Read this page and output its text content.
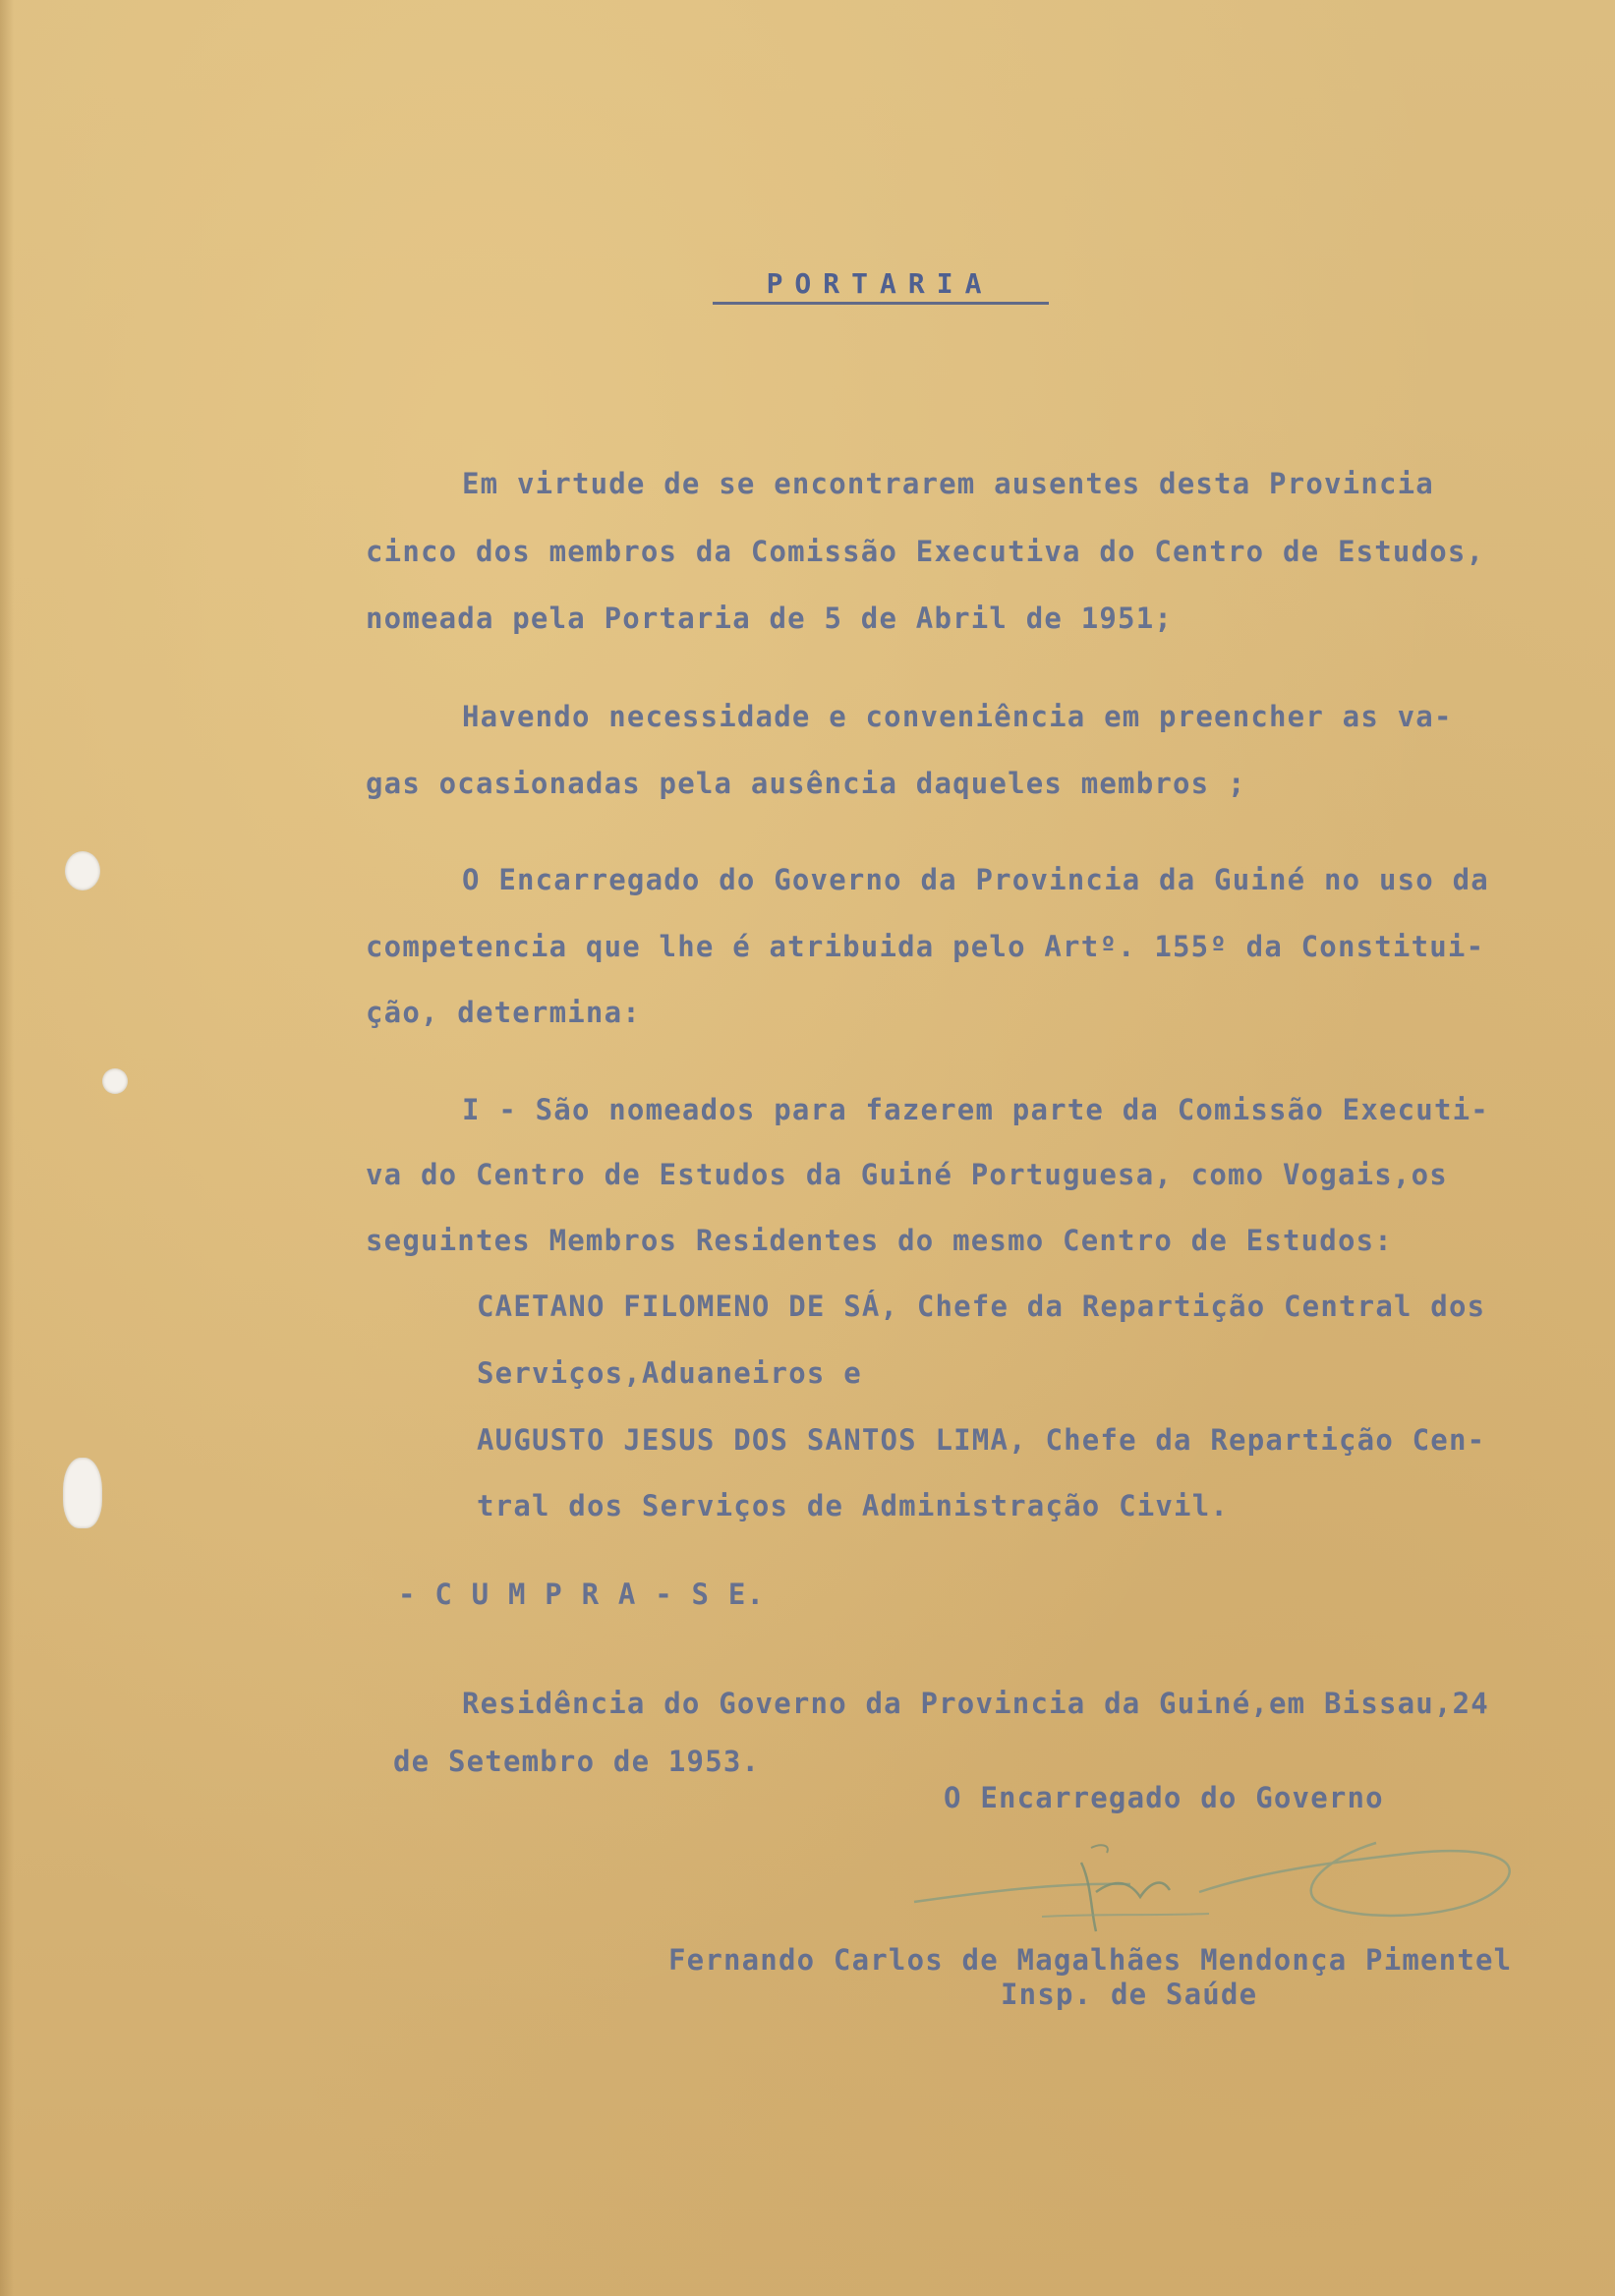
PORTARIA
Em virtude de se encontrarem ausentes desta Provincia
cinco dos membros da Comissão Executiva do Centro de Estudos,
nomeada pela Portaria de 5 de Abril de 1951;
Havendo necessidade e conveniência em preencher as va-
gas ocasionadas pela ausência daqueles membros ;
O Encarregado do Governo da Provincia da Guiné no uso da
competencia que lhe é atribuida pelo Artº. 155º da Constitui-
ção, determina:
I - São nomeados para fazerem parte da Comissão Executi-
va do Centro de Estudos da Guiné Portuguesa, como Vogais,os
seguintes Membros Residentes do mesmo Centro de Estudos:
CAETANO FILOMENO DE SÁ, Chefe da Repartição Central dos
Serviços,Aduaneiros e
AUGUSTO JESUS DOS SANTOS LIMA, Chefe da Repartição Cen-
tral dos Serviços de Administração Civil.
- C U M P R A - S E.
Residência do Governo da Provincia da Guiné,em Bissau,24
de Setembro de 1953.
O Encarregado do Governo
Fernando Carlos de Magalhães Mendonça Pimentel
Insp. de Saúde
